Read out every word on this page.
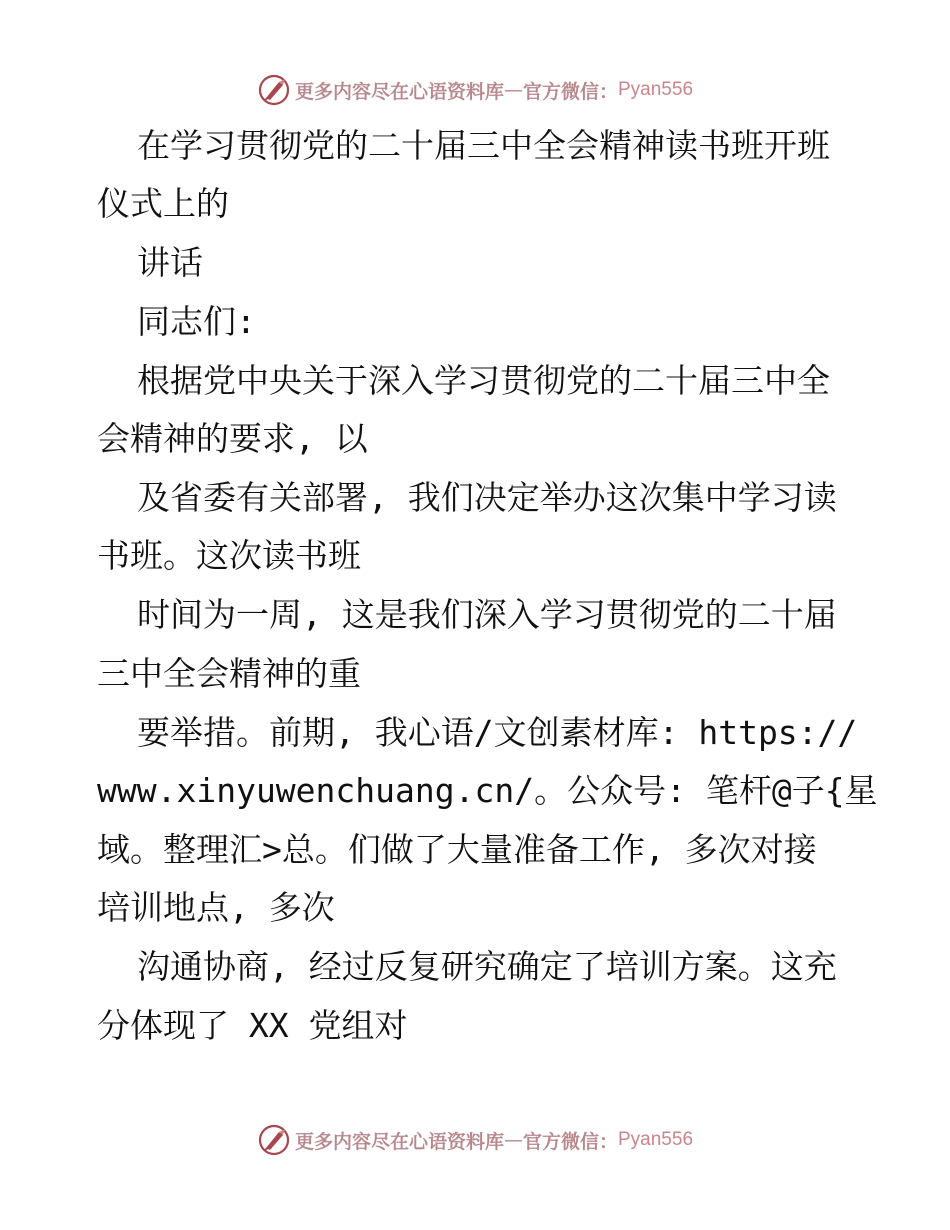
更多内容尽在心语资料库 — 官方微信： Pyan556
在学习贯彻党的二十届三中全会精神读书班开班
仪式上的
讲话
同志们:
根据党中央关于深入学习贯彻党的二十届三中全
会精神的要求, 以
及省委有关部署, 我们决定举办这次集中学习读
书班。这次读书班
时间为一周, 这是我们深入学习贯彻党的二十届
三中全会精神的重
要举措。前期, 我心语/文创素材库: https://
www.xinyuwenchuang.cn/。公众号: 笔杆@子{星
域。整理汇>总。们做了大量准备工作, 多次对接
培训地点, 多次
沟通协商, 经过反复研究确定了培训方案。这充
分体现了 XX 党组对
更多内容尽在心语资料库 — 官方微信： Pyan556
